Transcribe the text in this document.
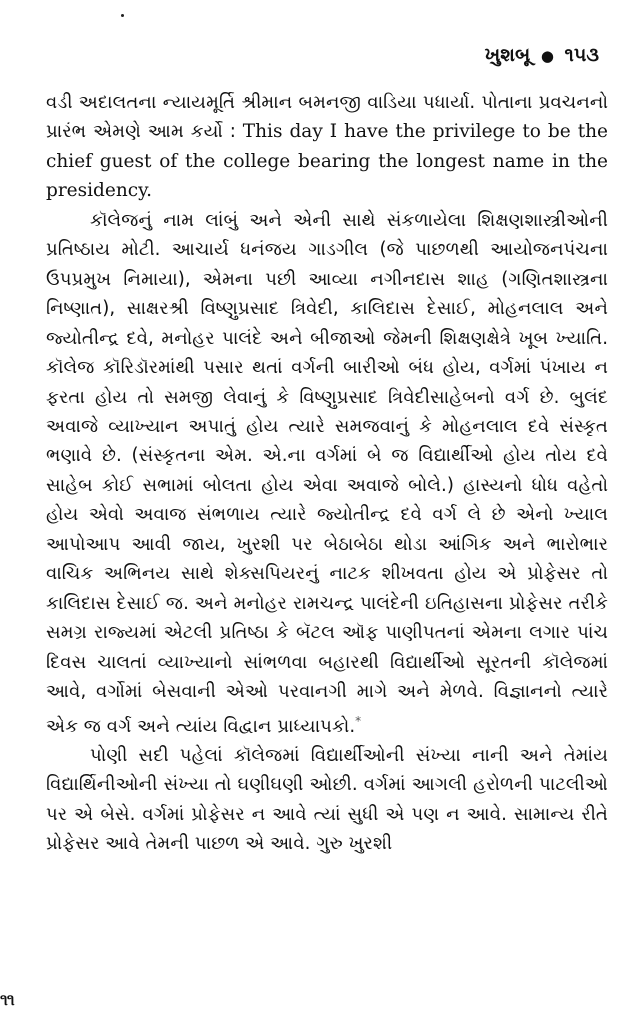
ખુશબૂ ● ૧૫૩

વડી અદાલતના ન્યાયમૂર્તિ શ્રીમાન બમનજી વાડિયા પધાર્યા. પોતાના પ્રવચનનો પ્રારંભ એમણે આમ કર્યો : This day I have the privilege to be the chief guest of the college bearing the longest name in the presidency.

કૉલેજનું નામ લાંબું અને એની સાથે સંકળાયેલા શિક્ષણશાસ્ત્રીઓની પ્રતિષ્ઠાય મોટી. આચાર્ય ધનંજય ગાડગીલ (જે પાછળથી આયોજનપંચના ઉપપ્રમુખ નિમાયા), એમના પછી આવ્યા નગીનદાસ શાહ (ગણિતશાસ્ત્રના નિષ્ણાત), સાક્ષરશ્રી વિષ્ણુપ્રસાદ ત્રિવેદી, કાલિદાસ દેસાઈ, મોહનલાલ અને જ્યોતીન્દ્ર દવે, મનોહર પાલંદે અને બીજાઓ જેમની શિક્ષણક્ષેત્રે ખૂબ ખ્યાતિ. કૉલેજ કૉરિડૉરમાંથી પસાર થતાં વર્ગની બારીઓ બંધ હોય, વર્ગમાં પંખાય ન ફરતા હોય તો સમજી લેવાનું કે વિષ્ણુપ્રસાદ ત્રિવેદીસાહેબનો વર્ગ છે. બુલંદ અવાજે વ્યાખ્યાન અપાતું હોય ત્યારે સમજવાનું કે મોહનલાલ દવે સંસ્કૃત ભણાવે છે. (સંસ્કૃતના એમ. એ.ના વર્ગમાં બે જ વિદ્યાર્થીઓ હોય તોય દવે સાહેબ કોઈ સભામાં બોલતા હોય એવા અવાજે બોલે.) હાસ્યનો ધોધ વહેતો હોય એવો અવાજ સંભળાય ત્યારે જ્યોતીન્દ્ર દવે વર્ગ લે છે એનો ખ્યાલ આપોઆપ આવી જાય, ખુરશી પર બેઠાબેઠા થોડા આંગિક અને ભારોભાર વાચિક અભિનય સાથે શેક્સપિયરનું નાટક શીખવતા હોય એ પ્રોફેસર તો કાલિદાસ દેસાઈ જ. અને મનોહર રામચન્દ્ર પાલંદેની ઇતિહાસના પ્રોફેસર તરીકે સમગ્ર રાજ્યમાં એટલી પ્રતિષ્ઠા કે બૅટલ ઑફ પાણીપતનાં એમના લગાર પાંચ દિવસ ચાલતાં વ્યાખ્યાનો સાંભળવા બહારથી વિદ્યાર્થીઓ સૂરતની કૉલેજમાં આવે, વર્ગોમાં બેસવાની એઓ પરવાનગી માગે અને મેળવે. વિજ્ઞાનનો ત્યારે એક જ વર્ગ અને ત્યાંય વિદ્વાન પ્રાધ્યાપકો.*

પોણી સદી પહેલાં કૉલેજમાં વિદ્યાર્થીઓની સંખ્યા નાની અને તેમાંય વિદ્યાર્થિનીઓની સંખ્યા તો ઘણીઘણી ઓછી. વર્ગમાં આગલી હરોળની પાટલીઓ પર એ બેસે. વર્ગમાં પ્રોફેસર ન આવે ત્યાં સુધી એ પણ ન આવે. સામાન્ય રીતે પ્રોફેસર આવે તેમની પાછળ એ આવે. ગુરુ ખુરશી

૧૧
